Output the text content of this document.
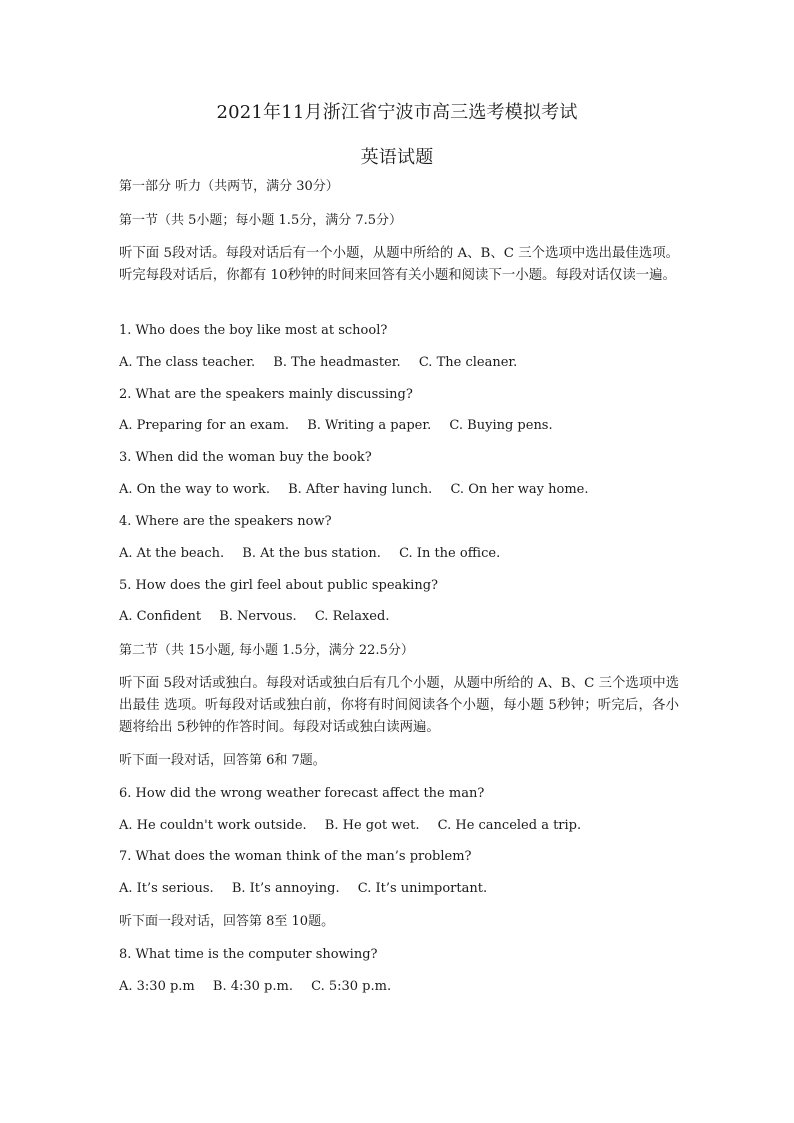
2021年11月浙江省宁波市高三选考模拟考试
英语试题
第一部分 听力（共两节，满分 30分）
第一节（共 5小题；每小题 1.5分，满分 7.5分）
听下面 5段对话。每段对话后有一个小题，从题中所给的 A、B、C 三个选项中选出最佳选项。听完每段对话后，你都有 10秒钟的时间来回答有关小题和阅读下一小题。每段对话仅读一遍。
1. Who does the boy like most at school?
A. The class teacher. B. The headmaster. C. The cleaner.
2. What are the speakers mainly discussing?
A. Preparing for an exam. B. Writing a paper. C. Buying pens.
3. When did the woman buy the book?
A. On the way to work. B. After having lunch. C. On her way home.
4. Where are the speakers now?
A. At the beach. B. At the bus station. C. In the office.
5. How does the girl feel about public speaking?
A. Confident B. Nervous. C. Relaxed.
第二节（共 15小题, 每小题 1.5分，满分 22.5分）
听下面 5段对话或独白。每段对话或独白后有几个小题，从题中所给的 A、B、C 三个选项中选出最佳 选项。听每段对话或独白前，你将有时间阅读各个小题，每小题 5秒钟；听完后，各小题将给出 5秒钟的作答时间。每段对话或独白读两遍。
听下面一段对话，回答第 6和 7题。
6. How did the wrong weather forecast affect the man?
A. He couldn't work outside. B. He got wet. C. He canceled a trip.
7. What does the woman think of the man’s problem?
A. It’s serious. B. It’s annoying. C. It’s unimportant.
听下面一段对话，回答第 8至 10题。
8. What time is the computer showing?
A. 3:30 p.m B. 4:30 p.m. C. 5:30 p.m.
